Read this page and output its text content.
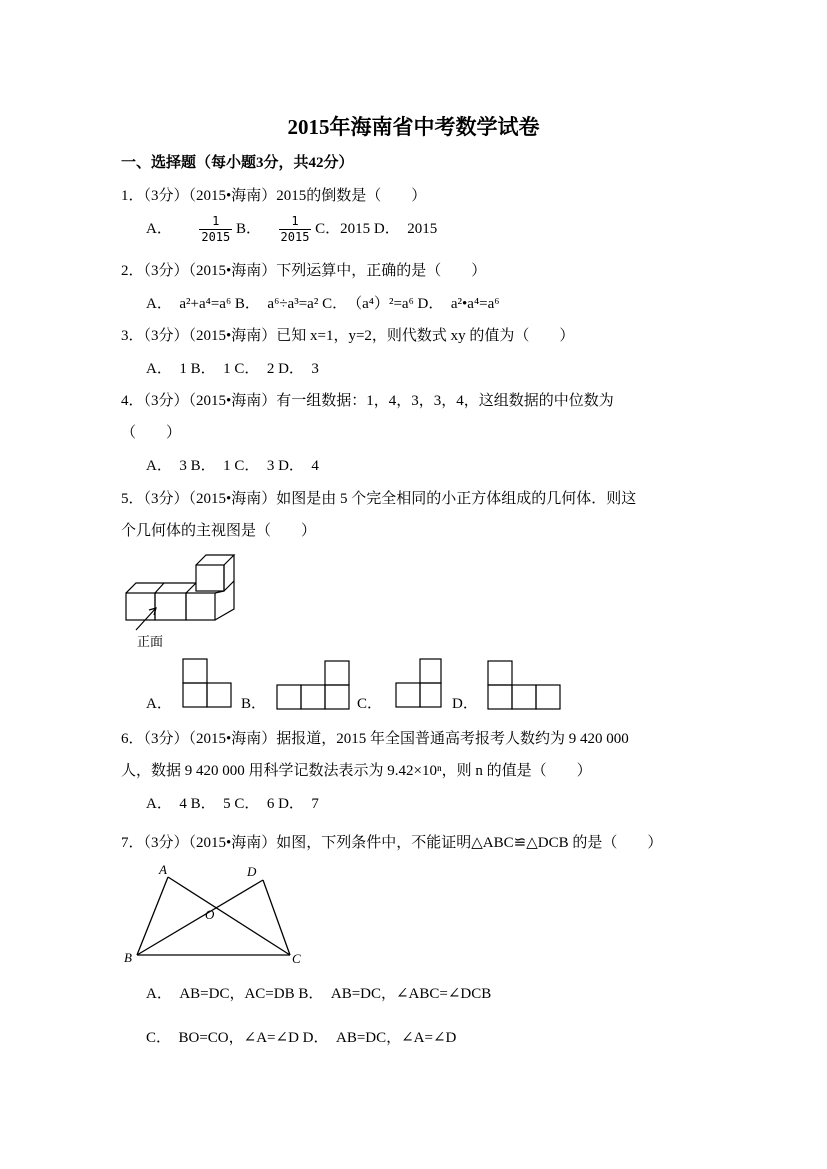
2015年海南省中考数学试卷
一、选择题（每小题3分，共42分）
1．（3分）（2015•海南）2015的倒数是（　　）
A． $\frac{1}{2015}$ B． $\frac{1}{2015}$ C．2015 D．　2015
2．（3分）（2015•海南）下列运算中，正确的是（　　）
A．　a²+a⁴=a⁶ B．　a⁶÷a³=a² C．　（a⁴）²=a⁶ D．　a²•a⁴=a⁶
3．（3分）（2015•海南）已知 x=1，y=2，则代数式 xy 的值为（　　）
A．　1 B．　1 C．　2 D．　3
4．（3分）（2015•海南）有一组数据：1，4，3，3，4，这组数据的中位数为
（　　）
A．　3 B．　1 C．　3 D．　4
5．（3分）（2015•海南）如图是由 5 个完全相同的小正方体组成的几何体．则这
个几何体的主视图是（　　）
正面
A．	B．	C．	D．
6．（3分）（2015•海南）据报道，2015 年全国普通高考报考人数约为 9 420 000
人，数据 9 420 000 用科学记数法表示为 9.42×10ⁿ，则 n 的值是（　　）
A．　4 B．　5 C．　6 D．　7
7．（3分）（2015•海南）如图，下列条件中，不能证明△ABC≌△DCB 的是（　　）
A	D
O
B	C
A．　AB=DC，AC=DB B．　AB=DC，∠ABC=∠DCB
C．　BO=CO，∠A=∠D D．　AB=DC，∠A=∠D
